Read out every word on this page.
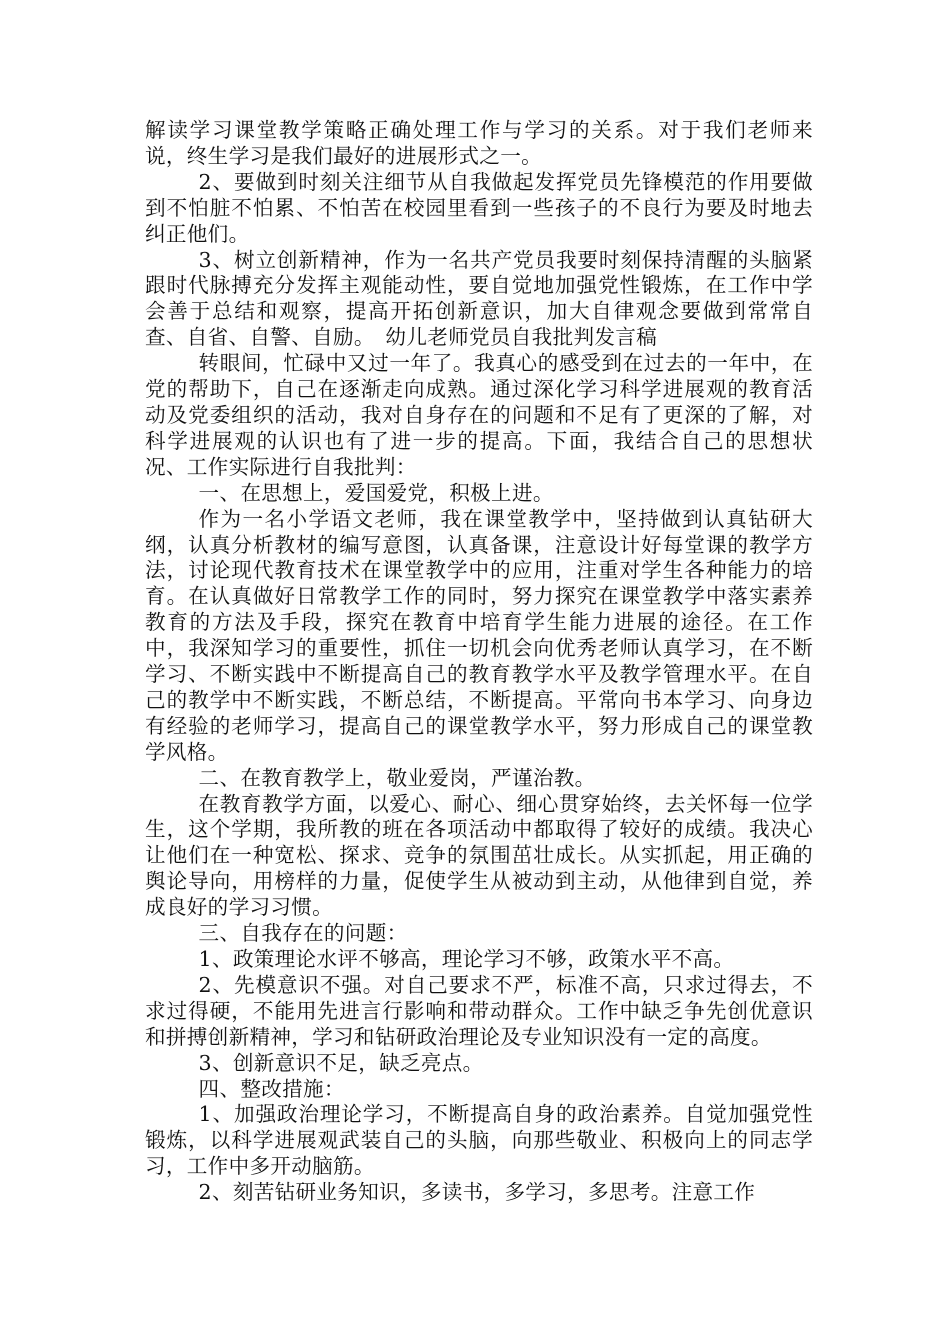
解读学习课堂教学策略正确处理工作与学习的关系。对于我们老师来说，终生学习是我们最好的进展形式之一。

2、要做到时刻关注细节从自我做起发挥党员先锋模范的作用要做到不怕脏不怕累、不怕苦在校园里看到一些孩子的不良行为要及时地去纠正他们。

3、树立创新精神，作为一名共产党员我要时刻保持清醒的头脑紧跟时代脉搏充分发挥主观能动性，要自觉地加强党性锻炼，在工作中学会善于总结和观察，提高开拓创新意识，加大自律观念要做到常常自查、自省、自警、自励。　幼儿老师党员自我批判发言稿

转眼间，忙碌中又过一年了。我真心的感受到在过去的一年中，在党的帮助下，自己在逐渐走向成熟。通过深化学习科学进展观的教育活动及党委组织的活动，我对自身存在的问题和不足有了更深的了解，对科学进展观的认识也有了进一步的提高。下面，我结合自己的思想状况、工作实际进行自我批判：

一、在思想上，爱国爱党，积极上进。

作为一名小学语文老师，我在课堂教学中，坚持做到认真钻研大纲，认真分析教材的编写意图，认真备课，注意设计好每堂课的教学方法，讨论现代教育技术在课堂教学中的应用，注重对学生各种能力的培育。在认真做好日常教学工作的同时，努力探究在课堂教学中落实素养教育的方法及手段，探究在教育中培育学生能力进展的途径。在工作中，我深知学习的重要性，抓住一切机会向优秀老师认真学习，在不断学习、不断实践中不断提高自己的教育教学水平及教学管理水平。在自己的教学中不断实践，不断总结，不断提高。平常向书本学习、向身边有经验的老师学习，提高自己的课堂教学水平，努力形成自己的课堂教学风格。

二、在教育教学上，敬业爱岗，严谨治教。

在教育教学方面，以爱心、耐心、细心贯穿始终，去关怀每一位学生，这个学期，我所教的班在各项活动中都取得了较好的成绩。我决心让他们在一种宽松、探求、竞争的氛围茁壮成长。从实抓起，用正确的舆论导向，用榜样的力量，促使学生从被动到主动，从他律到自觉，养成良好的学习习惯。

三、自我存在的问题：

1、政策理论水评不够高，理论学习不够，政策水平不高。

2、先模意识不强。对自己要求不严，标准不高，只求过得去，不求过得硬，不能用先进言行影响和带动群众。工作中缺乏争先创优意识和拼搏创新精神，学习和钻研政治理论及专业知识没有一定的高度。

3、创新意识不足，缺乏亮点。

四、整改措施：

1、加强政治理论学习，不断提高自身的政治素养。自觉加强党性锻炼，以科学进展观武装自己的头脑，向那些敬业、积极向上的同志学习，工作中多开动脑筋。

2、刻苦钻研业务知识，多读书，多学习，多思考。注意工作
